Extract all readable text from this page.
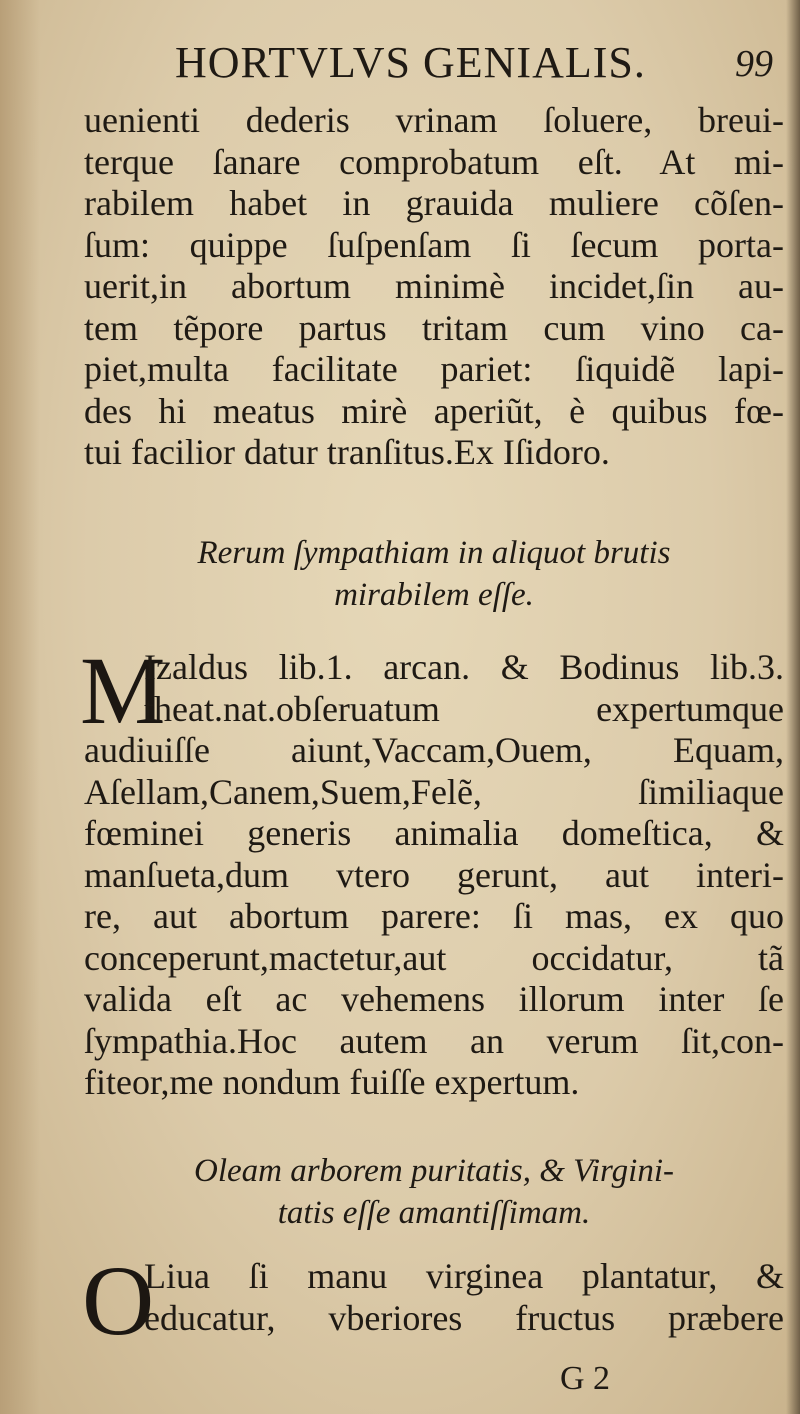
HORTVLVS GENIALIS.	99
uenienti dederis vrinam ſoluere, breui-
terque ſanare comprobatum eſt. At mi-
rabilem habet in grauida muliere cõſen-
ſum: quippe ſuſpenſam ſi ſecum porta-
uerit,in abortum minimè incidet,ſin au-
tem tẽpore partus tritam cum vino ca-
piet,multa facilitate pariet: ſiquidẽ lapi-
des hi meatus mirè aperiũt, è quibus fœ-
tui facilior datur tranſitus.Ex Iſidoro.
Rerum ſympathiam in aliquot brutis
mirabilem eſſe.
M
Izaldus lib.1. arcan. & Bodinus lib.3.
theat.nat.obſeruatum expertumque
audiuiſſe aiunt,Vaccam,Ouem, Equam,
Aſellam,Canem,Suem,Felẽ, ſimiliaque
fœminei generis animalia domeſtica, &
manſueta,dum vtero gerunt, aut interi-
re, aut abortum parere: ſi mas, ex quo
conceperunt,mactetur,aut occidatur, tã
valida eſt ac vehemens illorum inter ſe
ſympathia.Hoc autem an verum ſit,con-
fiteor,me nondum fuiſſe expertum.
Oleam arborem puritatis, & Virgini-
tatis eſſe amantiſſimam.
O
Liua ſi manu virginea plantatur, &
educatur, vberiores fructus præbere
G 2
